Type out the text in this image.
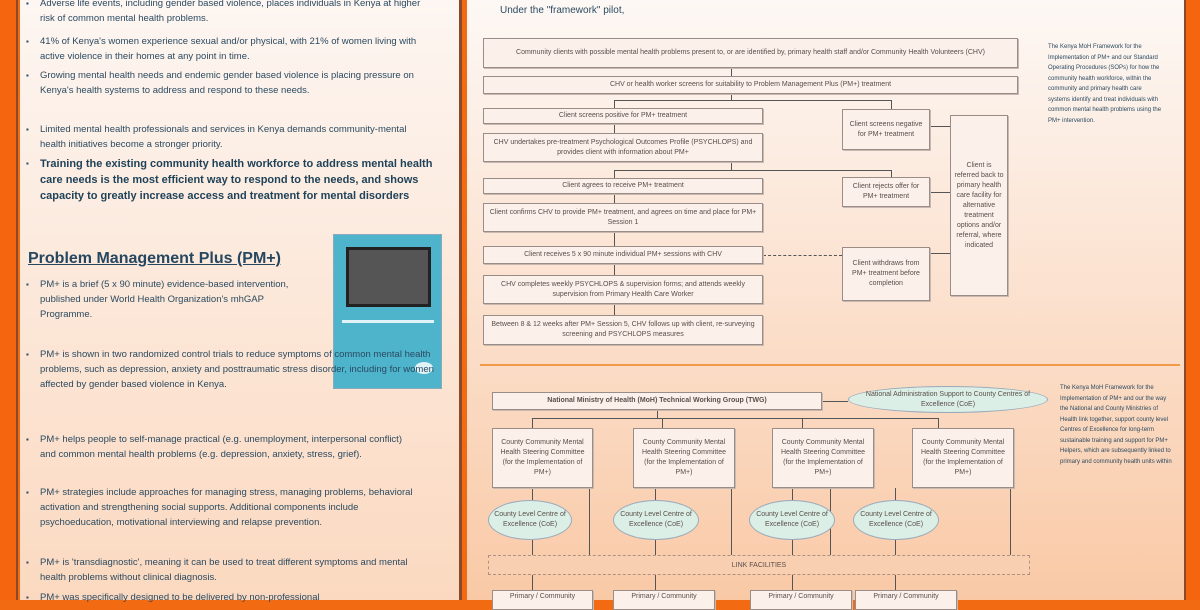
▪ Adverse life events, including gender based violence, places individuals in Kenya at higher risk of common mental health problems.
▪ 41% of Kenya's women experience sexual and/or physical, with 21% of women living with active violence in their homes at any point in time.
▪ Growing mental health needs and endemic gender based violence is placing pressure on Kenya's health systems to address and respond to these needs.
▪ Limited mental health professionals and services in Kenya demands community-mental health initiatives become a stronger priority.
▪ Training the existing community health workforce to address mental health care needs is the most efficient way to respond to the needs, and shows capacity to greatly increase access and treatment for mental disorders
Problem Management Plus (PM+)
▪ PM+ is a brief (5 x 90 minute) evidence-based intervention, published under World Health Organization's mhGAP Programme.
▪ PM+ is shown in two randomized control trials to reduce symptoms of common mental health problems, such as depression, anxiety and posttraumatic stress disorder, including for women affected by gender based violence in Kenya.
▪ PM+ helps people to self-manage practical (e.g. unemployment, interpersonal conflict) and common mental health problems (e.g. depression, anxiety, stress, grief).
▪ PM+ strategies include approaches for managing stress, managing problems, behavioral activation and strengthening social supports. Additional components include psychoeducation, motivational interviewing and relapse prevention.
▪ PM+ is 'transdiagnostic', meaning it can be used to treat different symptoms and mental health problems without clinical diagnosis.
▪ PM+ was specifically designed to be delivered by non-professional
Under the "framework" pilot,
Community clients with possible mental health problems present to, or are identified by, primary health staff and/or Community Health Volunteers (CHV)
CHV or health worker screens for suitability to Problem Management Plus (PM+) treatment
Client screens positive for PM+ treatment
CHV undertakes pre-treatment Psychological Outcomes Profile (PSYCHLOPS) and provides client with information about PM+
Client agrees to receive PM+ treatment
Client confirms CHV to provide PM+ treatment, and agrees on time and place for PM+ Session 1
Client receives 5 x 90 minute individual PM+ sessions with CHV
CHV completes weekly PSYCHLOPS & supervision forms; and attends weekly supervision from Primary Health Care Worker
Between 8 & 12 weeks after PM+ Session 5, CHV follows up with client, re-surveying screening and PSYCHLOPS measures
Client screens negative for PM+ treatment
Client rejects offer for PM+ treatment
Client withdraws from PM+ treatment before completion
Client is referred back to primary health care facility for alternative treatment options and/or referral, where indicated
The Kenya MoH Framework for the Implementation of PM+ and our Standard Operating Procedures (SOPs) for how the community health workforce, within the community and primary health care systems identify and treat individuals with common mental health problems using the PM+ intervention.
National Ministry of Health (MoH) Technical Working Group (TWG)
National Administration Support to County Centres of Excellence (CoE)
County Community Mental Health Steering Committee (for the Implementation of PM+)
County Community Mental Health Steering Committee (for the Implementation of PM+)
County Community Mental Health Steering Committee (for the Implementation of PM+)
County Community Mental Health Steering Committee (for the Implementation of PM+)
County Level Centre of Excellence (CoE)
County Level Centre of Excellence (CoE)
County Level Centre of Excellence (CoE)
County Level Centre of Excellence (CoE)
LINK FACILITIES
Primary / Community	Primary / Community	Primary / Community	Primary / Community
The Kenya MoH Framework for the Implementation of PM+ and our the way the National and County Ministries of Health link together, support county level Centres of Excellence for long-term sustainable training and support for PM+ Helpers, which are subsequently linked to primary and community health units within
